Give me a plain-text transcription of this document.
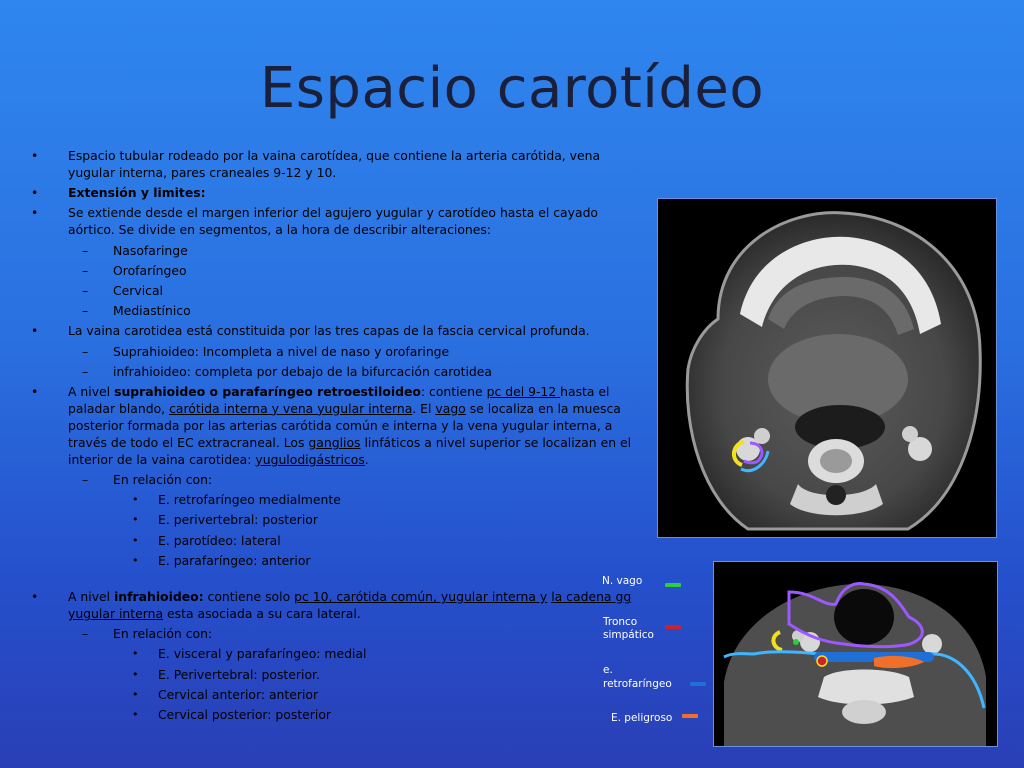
Espacio carotídeo

• Espacio tubular rodeado por la vaina carotídea, que contiene la arteria carótida, vena yugular interna, pares craneales 9-12 y 10.

• Extensión y limites:

• Se extiende desde el margen inferior del agujero yugular y carotídeo hasta el cayado aórtico. Se divide en segmentos, a la hora de describir alteraciones:

– Nasofaringe

– Orofaríngeo

– Cervical

– Mediastínico

• La vaina carotidea está constituida por las tres capas de la fascia cervical profunda.

– Suprahioideo: Incompleta a nivel de naso y orofaringe

– infrahioideo: completa por debajo de la bifurcación carotidea

• A nivel suprahioideo o parafaríngeo retroestiloideo: contiene pc del 9-12 hasta el paladar blando, carótida interna y vena yugular interna. El vago se localiza en la muesca posterior formada por las arterias carótida común e interna y la vena yugular interna, a través de todo el EC extracraneal. Los ganglios linfáticos a nivel superior se localizan en el interior de la vaina carotidea: yugulodigástricos.

– En relación con:

• E. retrofaríngeo medialmente

• E. perivertebral: posterior

• E. parotídeo: lateral

• E. parafaríngeo: anterior

• A nivel infrahioideo: contiene solo pc 10, carótida común, yugular interna y la cadena gg yugular interna esta asociada a su cara lateral.

– En relación con:

• E. visceral y parafaríngeo: medial

• E. Perivertebral: posterior.

• Cervical anterior: anterior

• Cervical posterior: posterior

N. vago
Tronco
simpático
e.
retrofaríngeo
E. peligroso
